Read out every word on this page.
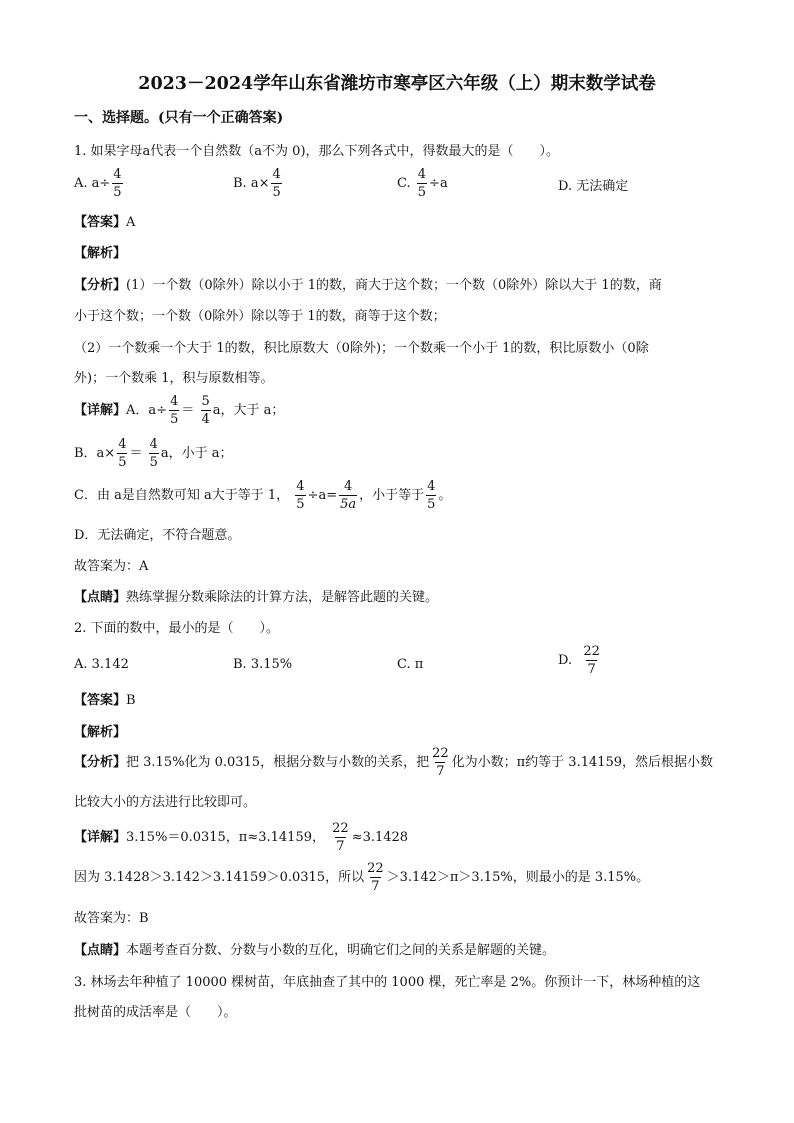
2023－2024学年山东省潍坊市寒亭区六年级（上）期末数学试卷
一、选择题。(只有一个正确答案)
1. 如果字母a代表一个自然数（a不为 0)，那么下列各式中，得数最大的是（　　）。
A. $a\div \frac{4}{5}$	B. $a\times \frac{4}{5}$	C. $\frac{4}{5} \div a$	D. 无法确定
【答案】A
【解析】
【分析】(1）一个数（0除外）除以小于 1的数，商大于这个数；一个数（0除外）除以大于 1的数，商
小于这个数；一个数（0除外）除以等于 1的数，商等于这个数；
（2）一个数乘一个大于 1的数，积比原数大（0除外)；一个数乘一个小于 1的数，积比原数小（0除
外)；一个数乘 1，积与原数相等。
【详解】A．$a\div \frac{4}{5} = \frac{5}{4}$ a，大于 a；
B．$a\times \frac{4}{5} = \frac{4}{5}$ a，小于 a；
C．由 a是自然数可知 a大于等于 1， $\frac{4}{5} \div a= \frac{4}{5a}$ ，小于等于 $\frac{4}{5}$ 。
D．无法确定，不符合题意。
故答案为：A
【点睛】熟练掌握分数乘除法的计算方法，是解答此题的关键。
2. 下面的数中，最小的是（　　）。
A. 3.142	B. 3.15%	C. π	D. $\frac{22}{7}$
【答案】B
【解析】
【分析】把 3.15%化为 0.0315，根据分数与小数的关系，把 $\frac{22}{7}$ 化为小数；π约等于 3.14159，然后根据小数
比较大小的方法进行比较即可。
【详解】3.15%＝0.0315，π≈3.14159， $\frac{22}{7} \approx 3.1428$
因为 3.1428＞3.142＞3.14159＞0.0315，所以 $\frac{22}{7} >3.142>\pi>3.15\%$，则最小的是 3.15%。
故答案为：B
【点睛】本题考查百分数、分数与小数的互化，明确它们之间的关系是解题的关键。
3. 林场去年种植了 10000 棵树苗，年底抽查了其中的 1000 棵，死亡率是 2%。你预计一下，林场种植的这
批树苗的成活率是（　　）。
